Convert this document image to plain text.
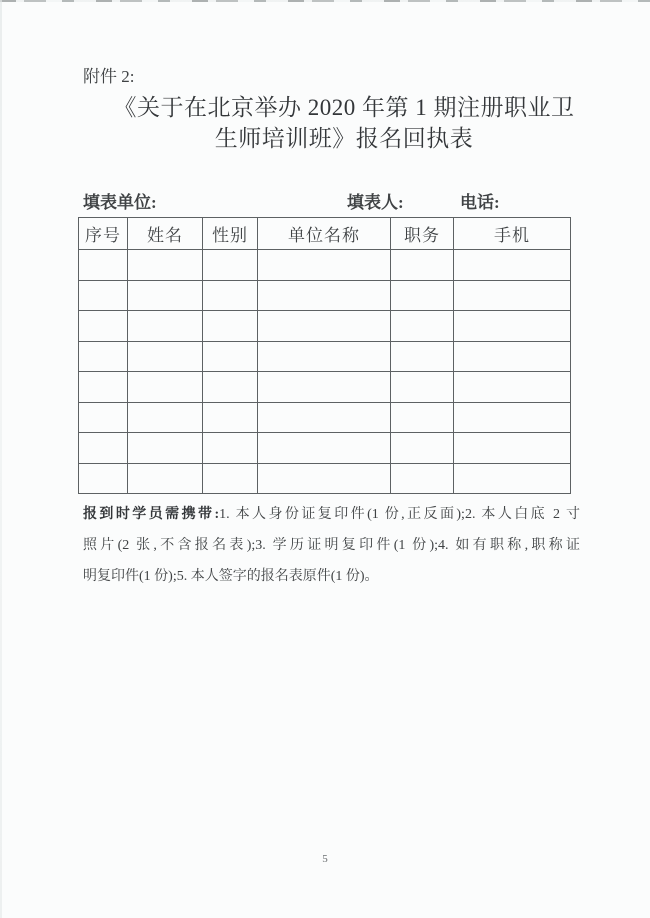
附件 2:
《关于在北京举办 2020 年第 1 期注册职业卫
生师培训班》报名回执表
填表单位:	填表人:	电话:
序号	姓名	性别	单位名称	职务	手机

报到时学员需携带:1. 本人身份证复印件(1 份,正反面);2. 本人白底 2 寸
照片(2 张,不含报名表);3. 学历证明复印件(1 份);4. 如有职称,职称证
明复印件(1 份);5. 本人签字的报名表原件(1 份)。
5
